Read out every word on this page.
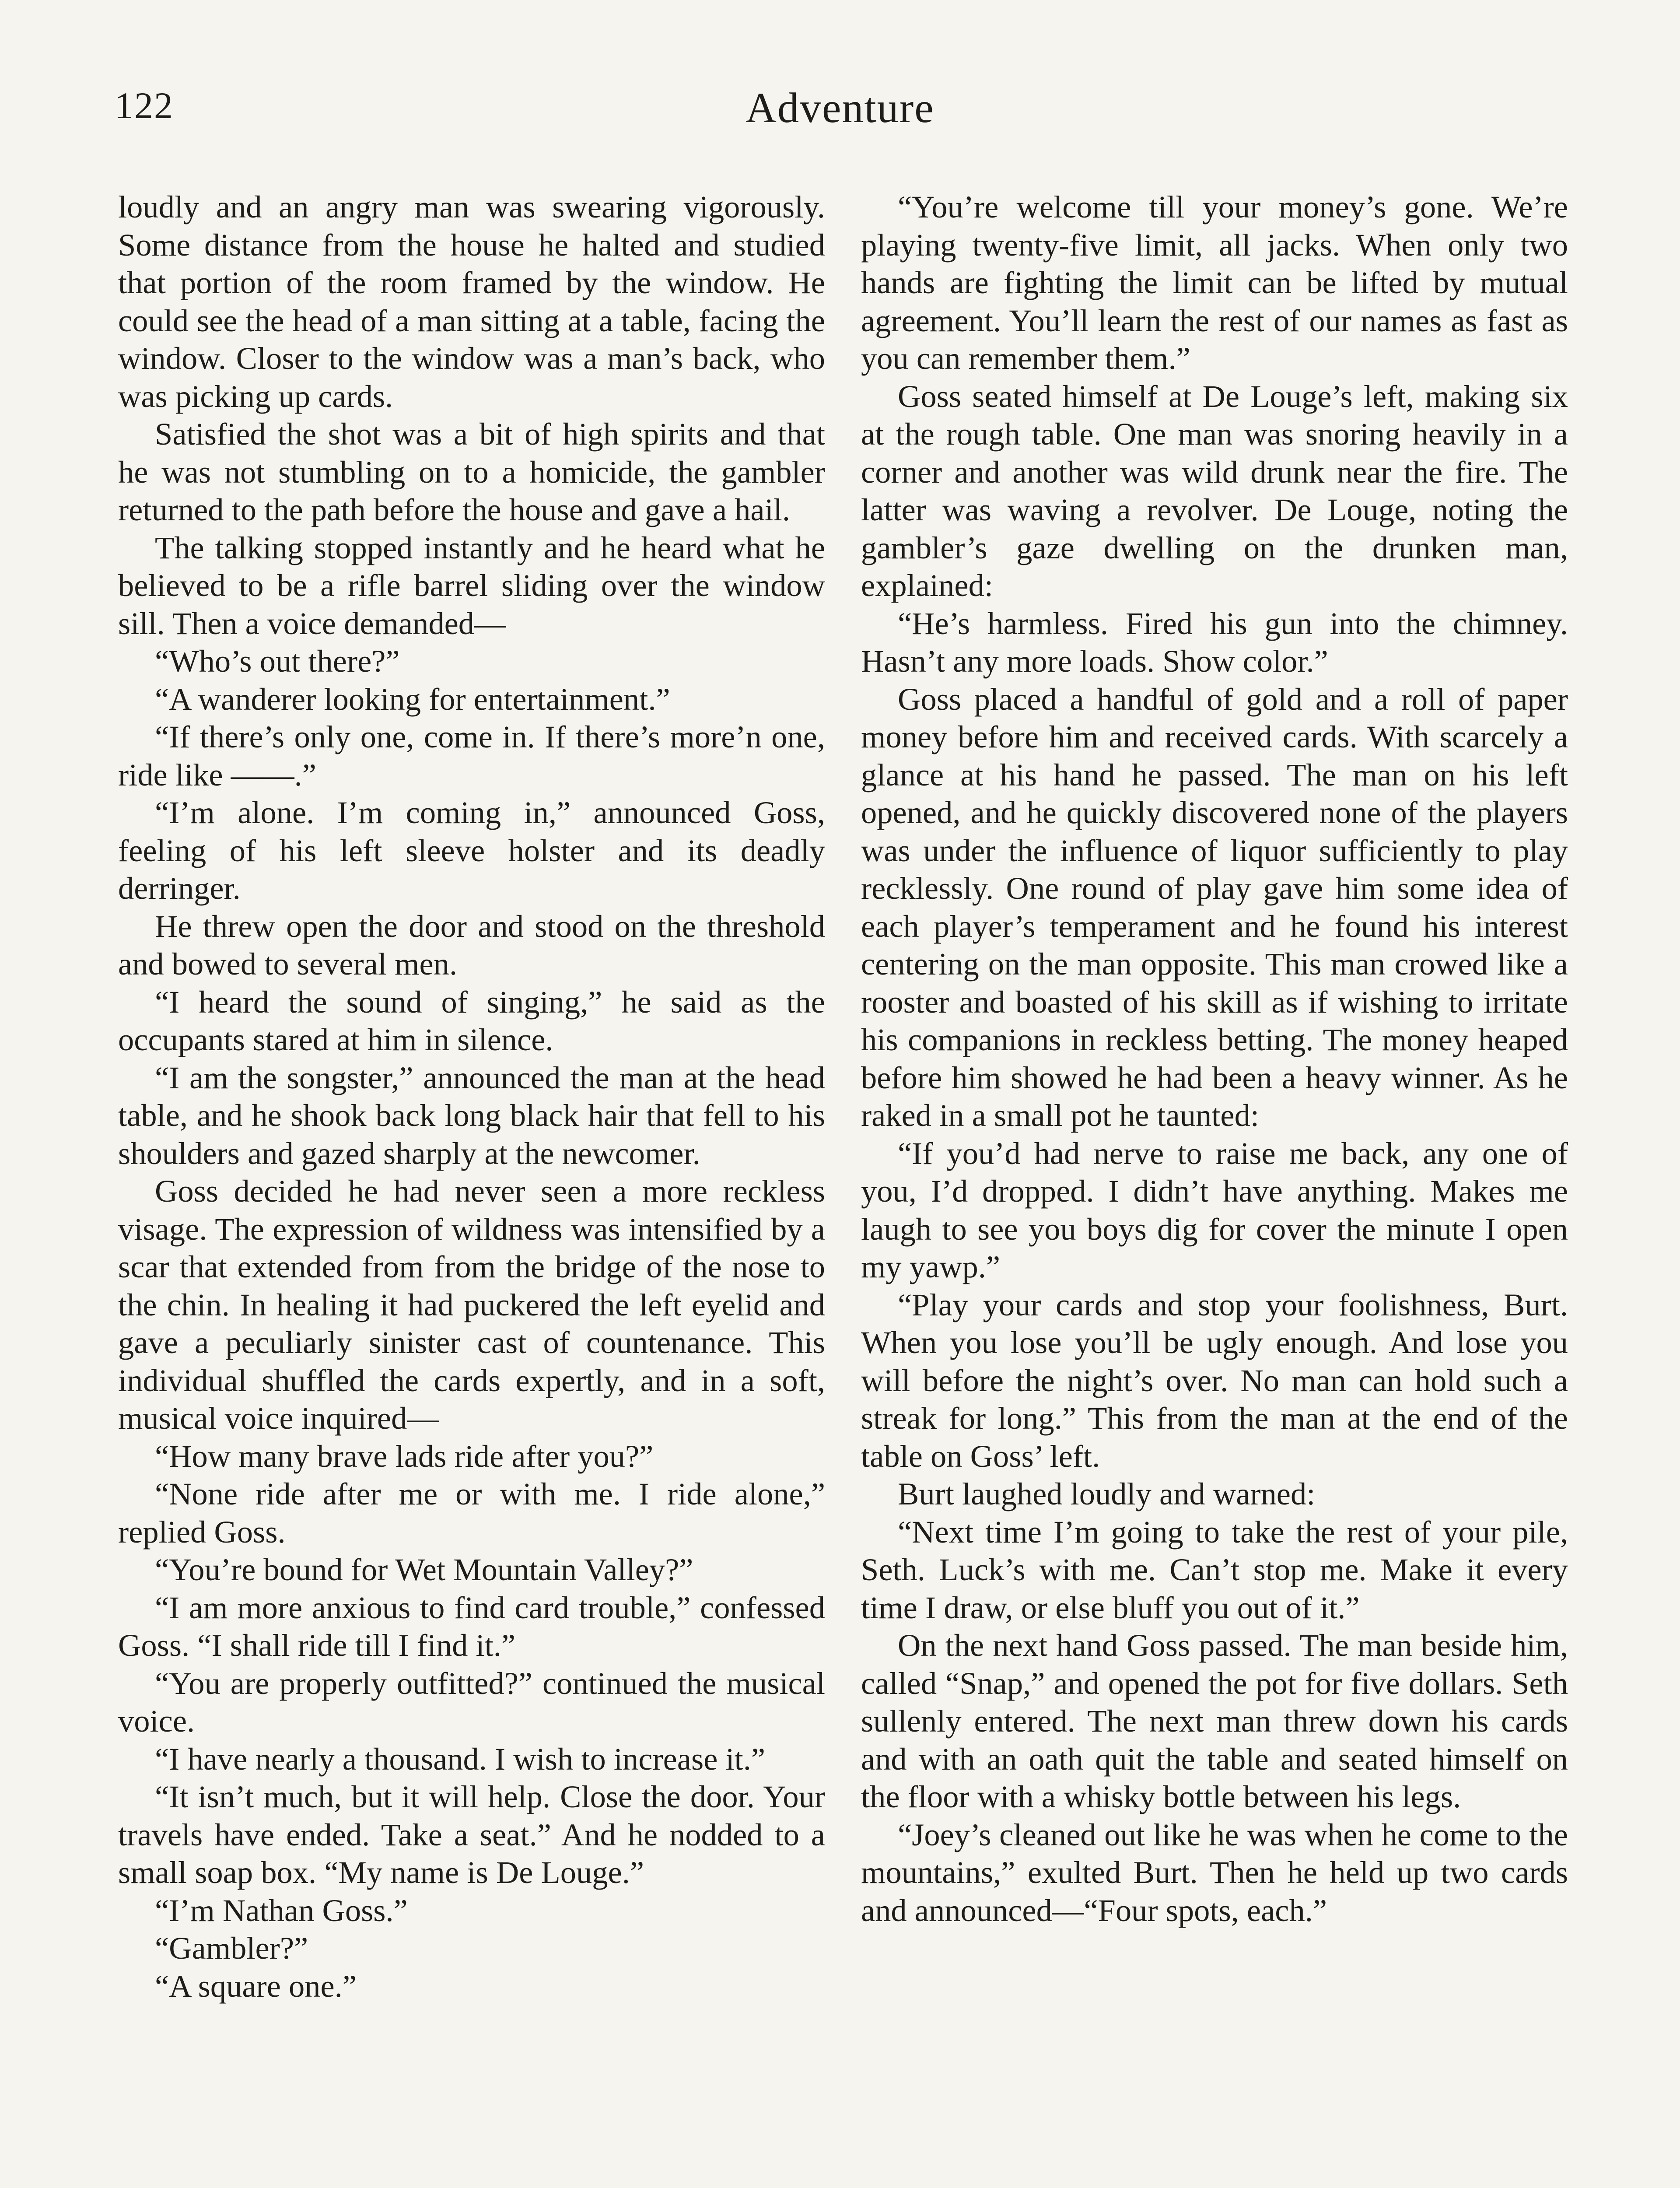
122	Adventure

loudly and an angry man was swearing vigorously. Some distance from the house he halted and studied that portion of the room framed by the window. He could see the head of a man sitting at a table, facing the window. Closer to the window was a man’s back, who was picking up cards.

Satisfied the shot was a bit of high spirits and that he was not stumbling on to a homicide, the gambler returned to the path before the house and gave a hail.

The talking stopped instantly and he heard what he believed to be a rifle barrel sliding over the window sill. Then a voice demanded—

“Who’s out there?”

“A wanderer looking for entertainment.”

“If there’s only one, come in. If there’s more’n one, ride like ——.”

“I’m alone. I’m coming in,” announced Goss, feeling of his left sleeve holster and its deadly derringer.

He threw open the door and stood on the threshold and bowed to several men.

“I heard the sound of singing,” he said as the occupants stared at him in silence.

“I am the songster,” announced the man at the head table, and he shook back long black hair that fell to his shoulders and gazed sharply at the newcomer.

Goss decided he had never seen a more reckless visage. The expression of wildness was intensified by a scar that extended from from the bridge of the nose to the chin. In healing it had puckered the left eyelid and gave a peculiarly sinister cast of countenance. This individual shuffled the cards expertly, and in a soft, musical voice inquired—

“How many brave lads ride after you?”

“None ride after me or with me. I ride alone,” replied Goss.

“You’re bound for Wet Mountain Valley?”

“I am more anxious to find card trouble,” confessed Goss. “I shall ride till I find it.”

“You are properly outfitted?” continued the musical voice.

“I have nearly a thousand. I wish to increase it.”

“It isn’t much, but it will help. Close the door. Your travels have ended. Take a seat.” And he nodded to a small soap box. “My name is De Louge.”

“I’m Nathan Goss.”

“Gambler?”

“A square one.”

“You’re welcome till your money’s gone. We’re playing twenty-five limit, all jacks. When only two hands are fighting the limit can be lifted by mutual agreement. You’ll learn the rest of our names as fast as you can remember them.”

Goss seated himself at De Louge’s left, making six at the rough table. One man was snoring heavily in a corner and another was wild drunk near the fire. The latter was waving a revolver. De Louge, noting the gambler’s gaze dwelling on the drunken man, explained:

“He’s harmless. Fired his gun into the chimney. Hasn’t any more loads. Show color.”

Goss placed a handful of gold and a roll of paper money before him and received cards. With scarcely a glance at his hand he passed. The man on his left opened, and he quickly discovered none of the players was under the influence of liquor sufficiently to play recklessly. One round of play gave him some idea of each player’s temperament and he found his interest centering on the man opposite. This man crowed like a rooster and boasted of his skill as if wishing to irritate his companions in reckless betting. The money heaped before him showed he had been a heavy winner. As he raked in a small pot he taunted:

“If you’d had nerve to raise me back, any one of you, I’d dropped. I didn’t have anything. Makes me laugh to see you boys dig for cover the minute I open my yawp.”

“Play your cards and stop your foolishness, Burt. When you lose you’ll be ugly enough. And lose you will before the night’s over. No man can hold such a streak for long.” This from the man at the end of the table on Goss’ left.

Burt laughed loudly and warned:

“Next time I’m going to take the rest of your pile, Seth. Luck’s with me. Can’t stop me. Make it every time I draw, or else bluff you out of it.”

On the next hand Goss passed. The man beside him, called “Snap,” and opened the pot for five dollars. Seth sullenly entered. The next man threw down his cards and with an oath quit the table and seated himself on the floor with a whisky bottle between his legs.

“Joey’s cleaned out like he was when he come to the mountains,” exulted Burt. Then he held up two cards and announced—“Four spots, each.”
